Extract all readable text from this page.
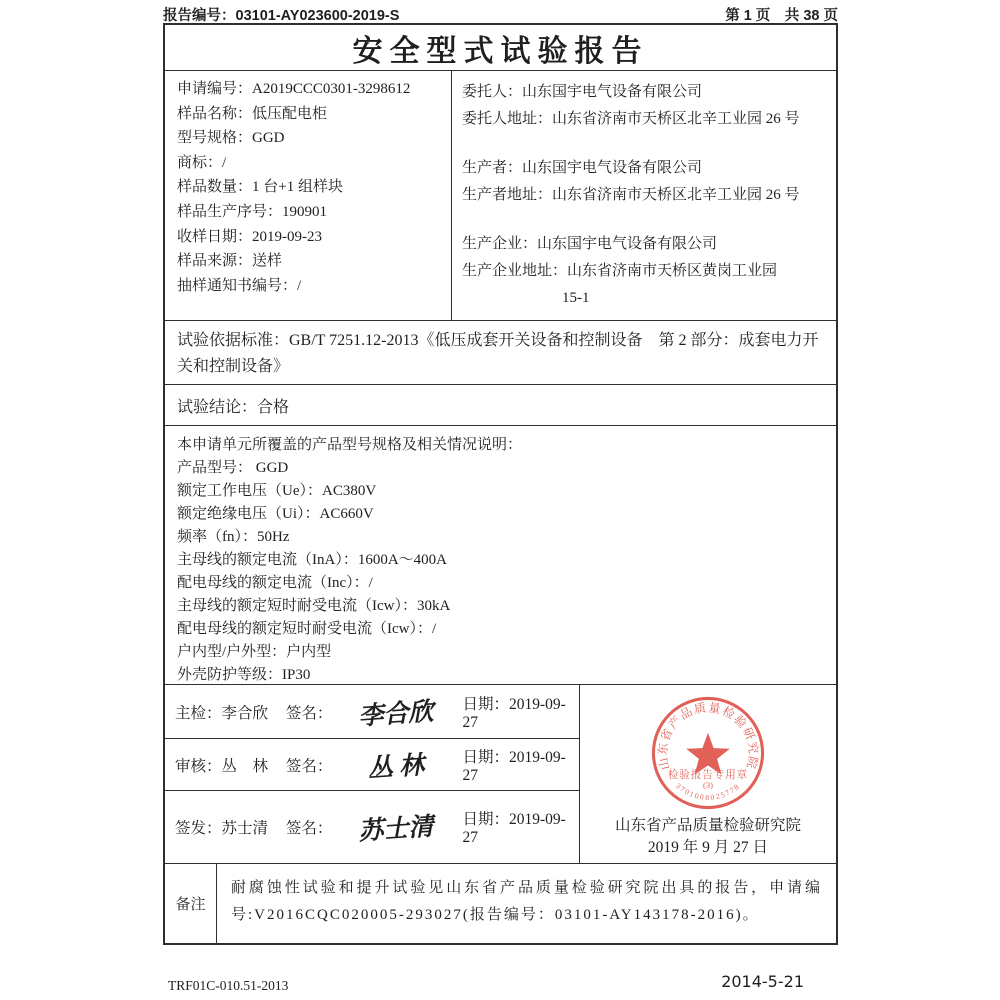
报告编号：03101-AY023600-2019-S	第 1 页　共 38 页
安全型式试验报告
申请编号：A2019CCC0301-3298612
样品名称：低压配电柜
型号规格：GGD
商标：/
样品数量：1 台+1 组样块
样品生产序号：190901
收样日期：2019-09-23
样品来源：送样
抽样通知书编号：/
委托人：山东国宇电气设备有限公司
委托人地址：山东省济南市天桥区北辛工业园 26 号
生产者：山东国宇电气设备有限公司
生产者地址：山东省济南市天桥区北辛工业园 26 号
生产企业：山东国宇电气设备有限公司
生产企业地址：山东省济南市天桥区黄岗工业园
15-1
试验依据标准：GB/T 7251.12-2013《低压成套开关设备和控制设备　第 2 部分：成套电力开关和控制设备》
试验结论：合格
本申请单元所覆盖的产品型号规格及相关情况说明：
产品型号： GGD
额定工作电压（Ue）：AC380V
额定绝缘电压（Ui）：AC660V
频率（fn）：50Hz
主母线的额定电流（InA）：1600A～400A
配电母线的额定电流（Inc）：/
主母线的额定短时耐受电流（Icw）：30kA
配电母线的额定短时耐受电流（Icw）：/
户内型/户外型：户内型
外壳防护等级：IP30
主检：李合欣	签名：	李合欣	日期：2019-09-27
审核：丛　林	签名：	丛 林	日期：2019-09-27
签发：苏士清	签名：	苏士清	日期：2019-09-27
山东省产品质量检验研究院
检验报告专用章
(3)
3701008025778
山东省产品质量检验研究院
2019 年 9 月 27 日
备注
耐腐蚀性试验和提升试验见山东省产品质量检验研究院出具的报告，申请编号:V2016CQC020005-293027(报告编号：03101-AY143178-2016)。
TRF01C-010.51-2013	2014-5-21
